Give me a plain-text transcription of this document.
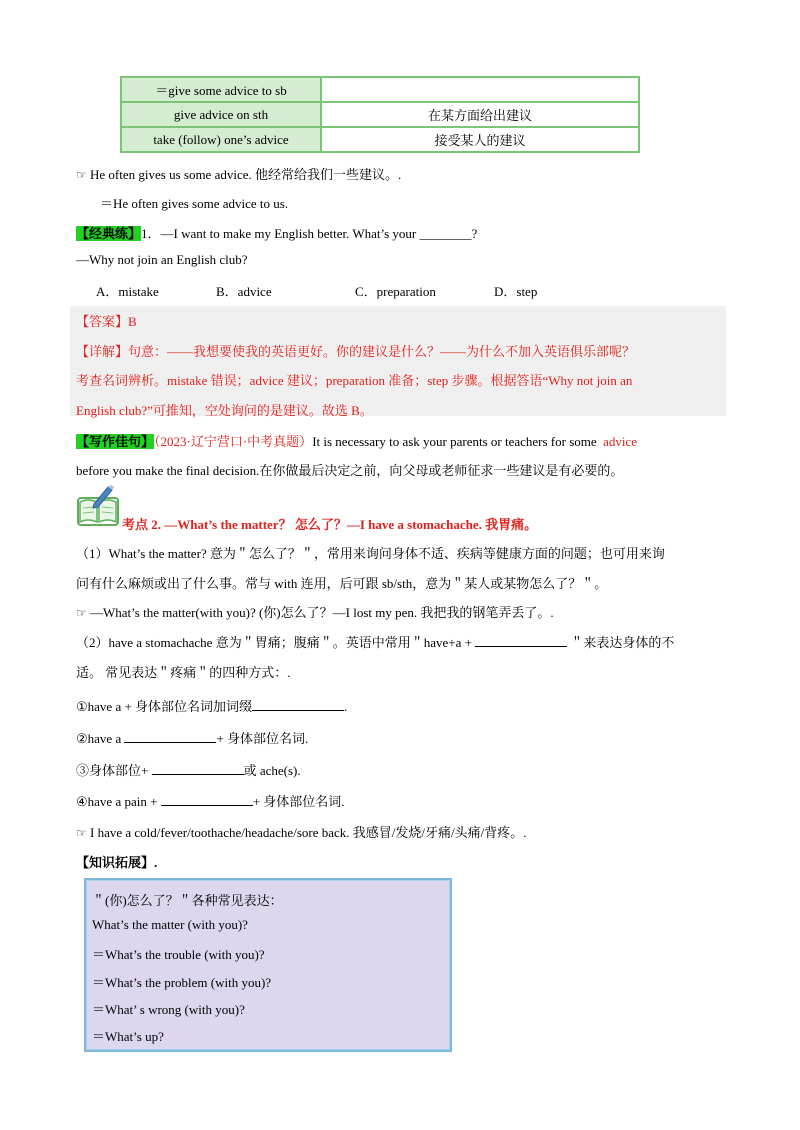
＝give some advice to sb	
give advice on sth	在某方面给出建议
take (follow) one’s advice	接受某人的建议
☞ He often gives us some advice. 他经常给我们一些建议。.
＝He often gives some advice to us.
【经典练】1．—I want to make my English better. What’s your ________?
—Why not join an English club?
A．mistake	B．advice	C．preparation	D．step
【答案】B
【详解】句意：——我想要使我的英语更好。你的建议是什么？——为什么不加入英语俱乐部呢？
考查名词辨析。mistake 错误；advice 建议；preparation 准备；step 步骤。根据答语“Why not join an
English club?”可推知，空处询问的是建议。故选 B。
【写作佳句】（2023·辽宁营口·中考真题）It is necessary to ask your parents or teachers for some advice
before you make the final decision.在你做最后决定之前，向父母或老师征求一些建议是有必要的。
考点 2. —What’s the matter？ 怎么了？—I have a stomachache. 我胃痛。
（1）What’s the matter? 意为＂怎么了？＂，常用来询问身体不适、疾病等健康方面的问题；也可用来询
问有什么麻烦或出了什么事。常与 with 连用，后可跟 sb/sth，意为＂某人或某物怎么了？＂。
☞ —What’s the matter(with you)? (你)怎么了？—I lost my pen. 我把我的钢笔弄丢了。.
（2）have a stomachache 意为＂胃痛；腹痛＂。英语中常用＂have+a +	＂来表达身体的不
适。 常见表达＂疼痛＂的四种方式：.
①have a + 身体部位名词加词缀	.
②have a	+ 身体部位名词.
③身体部位+	或 ache(s).
④have a pain +	+ 身体部位名词.
☞ I have a cold/fever/toothache/headache/sore back. 我感冒/发烧/牙痛/头痛/背疼。.
【知识拓展】.
＂(你)怎么了？＂各种常见表达：
What’s the matter (with you)?
＝What’s the trouble (with you)?
＝What’s the problem (with you)?
＝What’ s wrong (with you)?
＝What’s up?
